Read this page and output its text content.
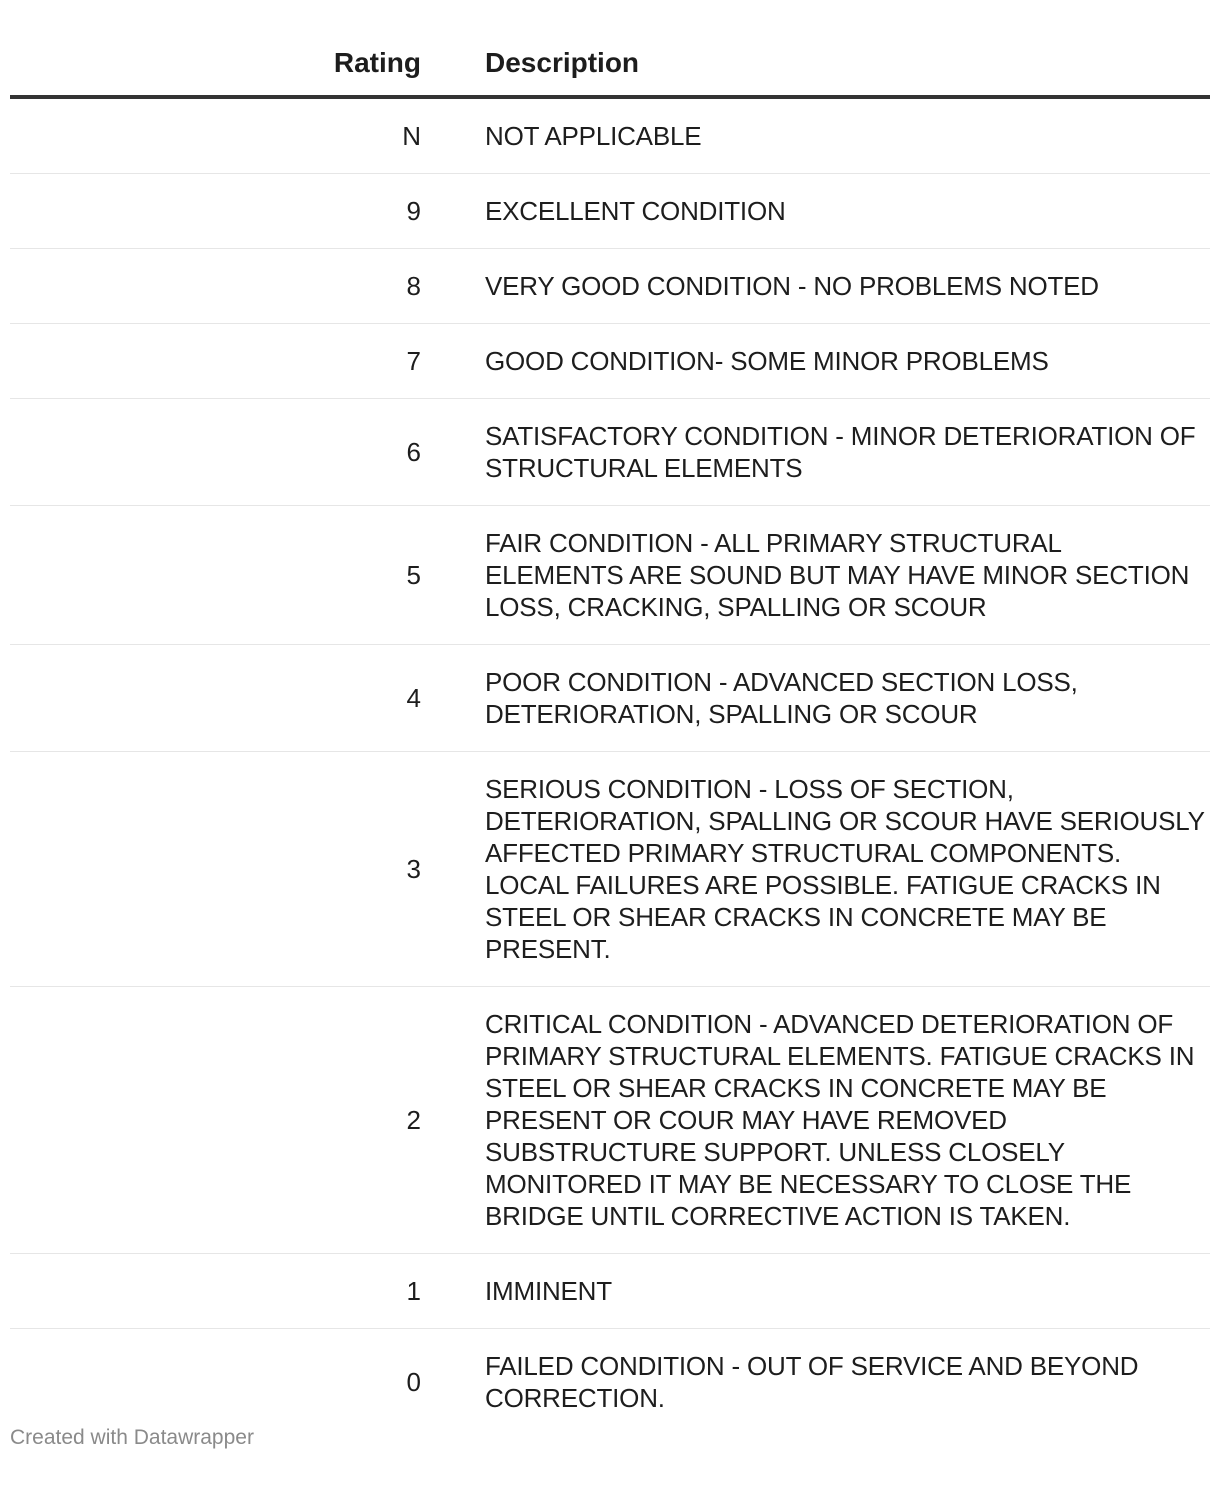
Rating	Description
N	NOT APPLICABLE
9	EXCELLENT CONDITION
8	VERY GOOD CONDITION - NO PROBLEMS NOTED
7	GOOD CONDITION- SOME MINOR PROBLEMS
6	SATISFACTORY CONDITION - MINOR DETERIORATION OF STRUCTURAL ELEMENTS
5	FAIR CONDITION - ALL PRIMARY STRUCTURAL ELEMENTS ARE SOUND BUT MAY HAVE MINOR SECTION LOSS, CRACKING, SPALLING OR SCOUR
4	POOR CONDITION - ADVANCED SECTION LOSS, DETERIORATION, SPALLING OR SCOUR
3	SERIOUS CONDITION - LOSS OF SECTION, DETERIORATION, SPALLING OR SCOUR HAVE SERIOUSLY AFFECTED PRIMARY STRUCTURAL COMPONENTS. LOCAL FAILURES ARE POSSIBLE. FATIGUE CRACKS IN STEEL OR SHEAR CRACKS IN CONCRETE MAY BE PRESENT.
2	CRITICAL CONDITION - ADVANCED DETERIORATION OF PRIMARY STRUCTURAL ELEMENTS. FATIGUE CRACKS IN STEEL OR SHEAR CRACKS IN CONCRETE MAY BE PRESENT OR COUR MAY HAVE REMOVED SUBSTRUCTURE SUPPORT. UNLESS CLOSELY MONITORED IT MAY BE NECESSARY TO CLOSE THE BRIDGE UNTIL CORRECTIVE ACTION IS TAKEN.
1	IMMINENT
0	FAILED CONDITION - OUT OF SERVICE AND BEYOND CORRECTION.
Created with Datawrapper
